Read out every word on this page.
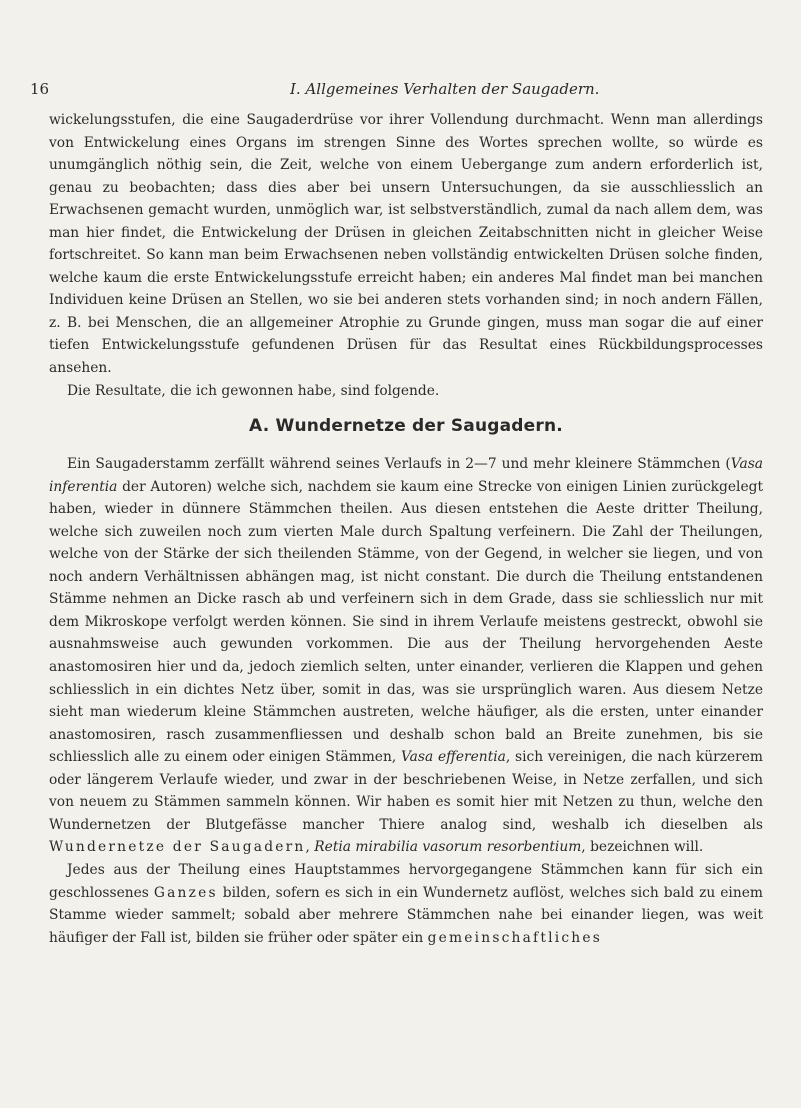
16	I. Allgemeines Verhalten der Saugadern.

wickelungsstufen, die eine Saugaderdrüse vor ihrer Vollendung durchmacht. Wenn man allerdings von Entwickelung eines Organs im strengen Sinne des Wortes sprechen wollte, so würde es unumgänglich nöthig sein, die Zeit, welche von einem Uebergange zum andern erforderlich ist, genau zu beobachten; dass dies aber bei unsern Untersuchungen, da sie ausschliesslich an Erwachsenen gemacht wurden, unmöglich war, ist selbstverständlich, zumal da nach allem dem, was man hier findet, die Entwickelung der Drüsen in gleichen Zeitabschnitten nicht in gleicher Weise fortschreitet. So kann man beim Erwachsenen neben vollständig entwickelten Drüsen solche finden, welche kaum die erste Entwickelungsstufe erreicht haben; ein anderes Mal findet man bei manchen Individuen keine Drüsen an Stellen, wo sie bei anderen stets vorhanden sind; in noch andern Fällen, z. B. bei Menschen, die an allgemeiner Atrophie zu Grunde gingen, muss man sogar die auf einer tiefen Entwickelungsstufe gefundenen Drüsen für das Resultat eines Rückbildungsprocesses ansehen.

Die Resultate, die ich gewonnen habe, sind folgende.

A. Wundernetze der Saugadern.

Ein Saugaderstamm zerfällt während seines Verlaufs in 2—7 und mehr kleinere Stämmchen (Vasa inferentia der Autoren) welche sich, nachdem sie kaum eine Strecke von einigen Linien zurückgelegt haben, wieder in dünnere Stämmchen theilen. Aus diesen entstehen die Aeste dritter Theilung, welche sich zuweilen noch zum vierten Male durch Spaltung verfeinern. Die Zahl der Theilungen, welche von der Stärke der sich theilenden Stämme, von der Gegend, in welcher sie liegen, und von noch andern Verhältnissen abhängen mag, ist nicht constant. Die durch die Theilung entstandenen Stämme nehmen an Dicke rasch ab und verfeinern sich in dem Grade, dass sie schliesslich nur mit dem Mikroskope verfolgt werden können. Sie sind in ihrem Verlaufe meistens gestreckt, obwohl sie ausnahmsweise auch gewunden vorkommen. Die aus der Theilung hervorgehenden Aeste anastomosiren hier und da, jedoch ziemlich selten, unter einander, verlieren die Klappen und gehen schliesslich in ein dichtes Netz über, somit in das, was sie ursprünglich waren. Aus diesem Netze sieht man wiederum kleine Stämmchen austreten, welche häufiger, als die ersten, unter einander anastomosiren, rasch zusammenfliessen und deshalb schon bald an Breite zunehmen, bis sie schliesslich alle zu einem oder einigen Stämmen, Vasa efferentia, sich vereinigen, die nach kürzerem oder längerem Verlaufe wieder, und zwar in der beschriebenen Weise, in Netze zerfallen, und sich von neuem zu Stämmen sammeln können. Wir haben es somit hier mit Netzen zu thun, welche den Wundernetzen der Blutgefässe mancher Thiere analog sind, weshalb ich dieselben als Wundernetze der Saugadern, Retia mirabilia vasorum resorbentium, bezeichnen will.

Jedes aus der Theilung eines Hauptstammes hervorgegangene Stämmchen kann für sich ein geschlossenes Ganzes bilden, sofern es sich in ein Wundernetz auflöst, welches sich bald zu einem Stamme wieder sammelt; sobald aber mehrere Stämmchen nahe bei einander liegen, was weit häufiger der Fall ist, bilden sie früher oder später ein gemeinschaftliches
